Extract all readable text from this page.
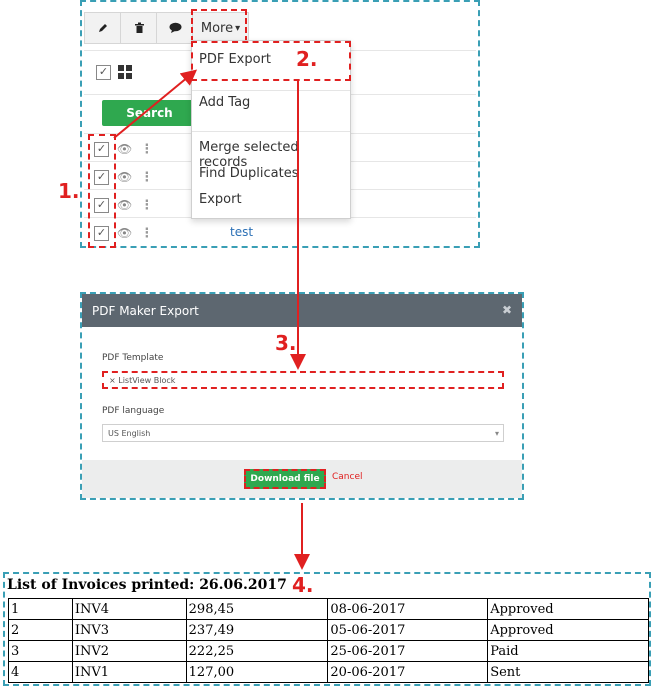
More ▾
✓
Search
✓ 👁 ⋮
✓ 👁 ⋮
✓ 👁 ⋮
✓ 👁 ⋮	test
PDF Export
Add Tag
Merge selected records
Find Duplicates
Export
PDF Maker Export	✖
PDF Template
× ListView Block
PDF language
US English	▾
Download file	Cancel
List of Invoices printed: 26.06.2017
1	INV4	298,45	08-06-2017	Approved
2	INV3	237,49	05-06-2017	Approved
3	INV2	222,25	25-06-2017	Paid
4	INV1	127,00	20-06-2017	Sent
1.
2.
3.
4.
